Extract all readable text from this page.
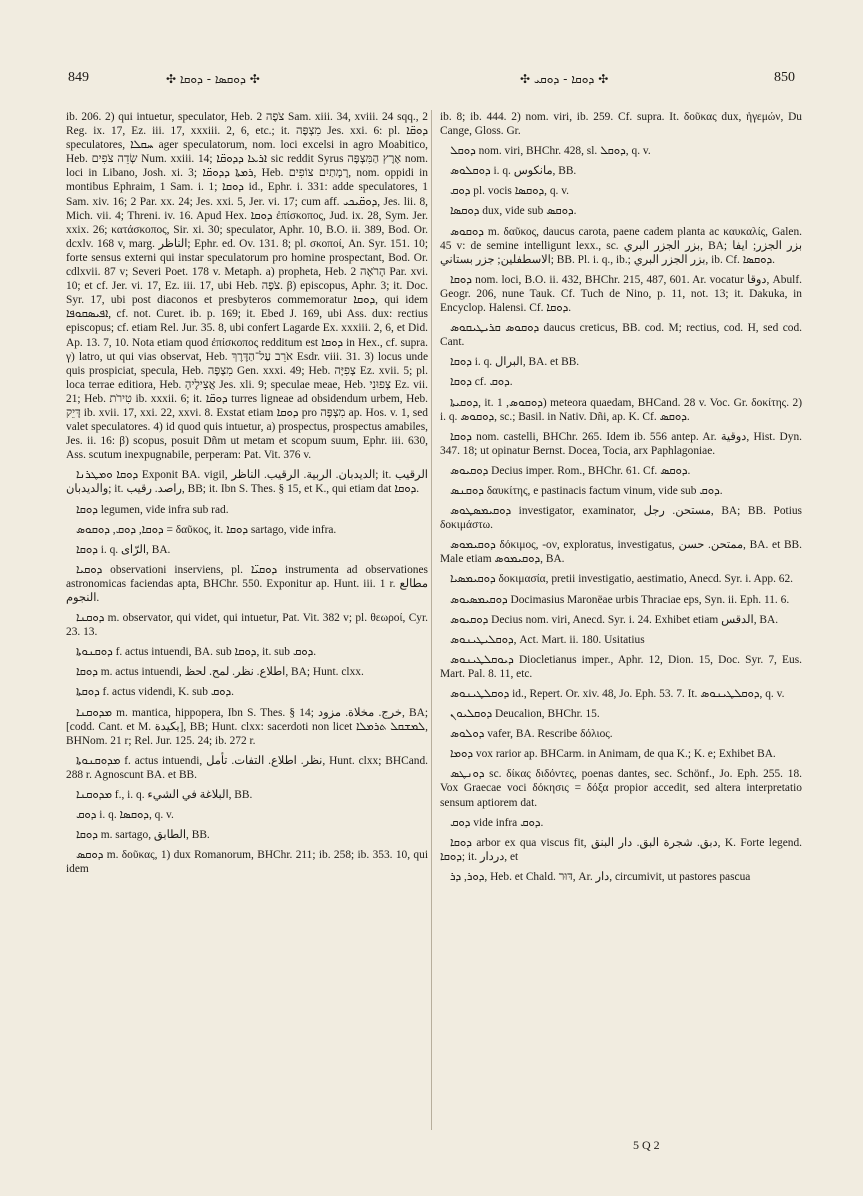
849	✣ ܕܘܩܣܐ - ܕܘܩܐ ✣	✣ ܕܘܩܐ - ܕܘܩܝ ✣	850

ib. 206. 2) qui intuetur, speculator, Heb. צֹפֶה 2 Sam. xiii. 34, xviii. 24 sqq., 2 Reg. ix. 17, Ez. iii. 17, xxxiii. 2, 6, etc.; it. מִצְפֶּה Jes. xxi. 6: pl. ܕܘܩ̈ܐ speculatores, ܚܩܠܐ ager speculatorum, nom. loci excelsi in agro Moabitico, Heb. שְׂדֵה צֹפִים Num. xxiii. 14; ܐܪܥܐ ܕܕܘܩ̈ܐ sic reddit Syrus אֶרֶץ הַמִּצְפָּה nom. loci in Libano, Josh. xi. 3; ܪܡܬܐ ܕܕܘܩ̈ܐ, Heb. רָמָתַיִם צוֹפִים, nom. oppidi in montibus Ephraim, 1 Sam. i. 1; ܕܘܩܐ id., Ephr. i. 331: adde speculatores, 1 Sam. xiv. 16; 2 Par. xx. 24; Jes. xxi. 5, Jer. vi. 17; cum aff. ܕܘܩ̈ܝܟܝ, Jes. lii. 8, Mich. vii. 4; Threni. iv. 16. Apud Hex. ܕܘܩܐ ἐπίσκοπος, Jud. ix. 28, Sym. Jer. xxix. 26; κατάσκοπος, Sir. xi. 30; speculator, Aphr. 10, B.O. ii. 389, Bod. Or. dcxlv. 168 v, marg. الناظر; Ephr. ed. Ov. 131. 8; pl. σκοποί, An. Syr. 151. 10; forte sensus externi qui instar speculatorum pro homine prospectant, Bod. Or. cdlxvii. 87 v; Severi Poet. 178 v. Metaph. a) propheta, Heb. הָרֹאֶה 2 Par. xvi. 10; et cf. Jer. vi. 17, Ez. iii. 17, ubi Heb. צֹפֶה. β) episcopus, Aphr. 3; it. Doc. Syr. 17, ubi post diaconos et presbyteros commemoratur ܕܘܩܐ, qui idem ܐܦܝܣܩܘܦܐ, cf. not. Curet. ib. p. 169; it. Ebed J. 169, ubi Ass. dux: rectius episcopus; cf. etiam Rel. Jur. 35. 8, ubi confert Lagarde Ex. xxxiii. 2, 6, et Did. Ap. 13. 7, 10. Nota etiam quod ἐπίσκοπος redditum est ܕܘܩܐ in Hex., cf. supra. γ) latro, ut qui vias observat, Heb. אֹרֵב עַל־הַדֶּרֶךְ Esdr. viii. 31. 3) locus unde quis prospiciat, specula, Heb. מִצְפָּה Gen. xxxi. 49; Heb. צְפִיָּה Ez. xvii. 5; pl. loca terrae editiora, Heb. אֲצִילֶיהָ Jes. xli. 9; speculae meae, Heb. צְפוּנִי Ez. vii. 21; Heb. טִירֹת ib. xxxii. 6; it. ܕܘܩ̈ܐ turres ligneae ad obsidendum urbem, Heb. דָּיֵק ib. xvii. 17, xxi. 22, xxvi. 8. Exstat etiam ܕܘܩܐ pro מִצְפֶּה ap. Hos. v. 1, sed valet speculatores. 4) id quod quis intuetur, a) prospectus, prospectus amabiles, Jes. ii. 16: β) scopus, posuit Dñm ut metam et scopum suum, Ephr. iii. 630, Ass. scutum inexpugnabile, perperam: Pat. Vit. 376 v.

ܕܘܩܐ ܘܡܛܪܢܐ Exponit BA. vigil, الديدبان. الربية. الرقيب. الناظر; it. الرقيب والديدبان; it. راصد. رقيب, BB; it. Ibn S. Thes. § 15, et K., qui etiam dat ܕܘܩܐ.

ܕܘܩܐ legumen, vide infra sub rad.

ܕܘܩܐ, ܕܘܩ, ܕܘܩܘܣ = δαῦκος, it. ܕܘܩܐ sartago, vide infra.

ܕܘܩܐ i. q. الرّاى, BA.

ܕܘܩܝܐ observationi inserviens, pl. ܕܘܩܝ̈ܐ instrumenta ad observationes astronomicas faciendas apta, BHChr. 550. Exponitur ap. Hunt. iii. 1 r. مطالع النجوم.

ܕܘܩܢܐ m. observator, qui videt, qui intuetur, Pat. Vit. 382 v; pl. θεωροί, Cyr. 23. 13.

ܕܘܩܢܘܬܐ f. actus intuendi, BA. sub ܕܘܩܐ, it. sub ܕܘܩ.

ܕܘܩܐ m. actus intuendi, اطلاع. نظر. لمح. لحظ, BA; Hunt. clxx.

ܕܘܩܬܐ f. actus videndi, K. sub ܕܘܩ.

ܡܕܘܩܢܐ m. mantica, hippopera, Ibn S. Thes. § 14; خرج. مخلاة. مزود, BA; [codd. Cant. et M. بكيدة], BB; Hunt. clxx: sacerdoti non licet ܠܡܫܩܠ ܬܪܡܠܐ, BHNom. 21 r; Rel. Jur. 125. 24; ib. 272 r.

ܡܕܘܩܢܘܬܐ f. actus intuendi, نظر. اطلاع. التفات. تأمل, Hunt. clxx; BHCand. 288 r. Agnoscunt BA. et BB.

ܡܕܘܩܢܐ f., i. q. البلاغة في الشيء, BB.

ܕܘܩ i. q. ܕܘܩܣܐ, q. v.

ܕܘܩܐ m. sartago, الطابق, BB.

ܕܘܩܣ m. δοῦκας, 1) dux Romanorum, BHChr. 211; ib. 258; ib. 353. 10, qui idem

ib. 8; ib. 444. 2) nom. viri, ib. 259. Cf. supra. It. δοῦκας dux, ἡγεμών, Du Cange, Gloss. Gr.

ܕܘܩܠ nom. viri, BHChr. 428, sl. ܕܘܩܠ, q. v.

ܕܘܩܠܘܣ i. q. مانكوس, BB.

ܕܘܩ pl. vocis ܕܘܩܣܐ, q. v.

ܕܘܩܣܐ dux, vide sub ܕܘܩܣ.

ܕܘܩܘܣ m. δαῦκος, daucus carota, paene cadem planta ac καυκαλίς, Galen. 45 v: de semine intelligunt lexx., sc. بزر الجزر البري, BA; بزر الجزر; ايفا الاسطفلين; جزر بستاني; BB. Pl. i. q., ib.; بزر الجزر البري, ib. Cf. ܕܘܩܣܐ.

ܕܘܩܐ nom. loci, B.O. ii. 432, BHChr. 215, 487, 601. Ar. vocatur دوقا, Abulf. Geogr. 206, nune Tauk. Cf. Tuch de Nino, p. 11, not. 13; it. Dakuka, in Encyclop. Halensi. Cf. ܕܘܩܐ.

ܕܘܩܘܣ ܩܪܝܛܝܩܘܣ daucus creticus, BB. cod. M; rectius, cod. H, sed cod. Cant.

ܕܘܩܐ i. q. البرال, BA. et BB.

ܕܘܩܐ cf. ܕܘܩ.

ܕܘܩܝܬܐ, it. ܕܘܩܘܣ, 1) meteora quaedam, BHCand. 28 v. Voc. Gr. δοκίτης. 2) i. q. ܕܘܩܘܣ, sc.; Basil. in Nativ. Dñi, ap. K. Cf. ܕܘܩܣ.

ܕܘܩܐ nom. castelli, BHChr. 265. Idem ib. 556 antep. Ar. دوقية, Hist. Dyn. 347. 18; ut opinatur Bernst. Docea, Tocia, arx Paphlagoniae.

ܕܘܩܝܘܣ Decius imper. Rom., BHChr. 61. Cf. ܕܘܩܣ.

ܕܘܩܢܣ δαυκίτης, e pastinacis factum vinum, vide sub ܕܘܩ.

ܕܘܩܝܡܣܛܘܣ investigator, examinator, مستحن. رجل, BA; BB. Potius δοκιμάστω.

ܕܘܩܝܡܘܣ δόκιμος, -ον, exploratus, investigatus, ممتحن. حسن, BA. et BB. Male etiam ܕܘܩܝܡܘܣ, BA.

ܕܘܩܝܡܣܝܐ δοκιμασία, pretii investigatio, aestimatio, Anecd. Syr. i. App. 62.

ܕܘܩܝܡܣܝܘܣ Docimasius Maronëae urbis Thraciae eps, Syn. ii. Eph. 11. 6.

ܕܘܩܝܘܣ Decius nom. viri, Anecd. Syr. i. 24. Exhibet etiam الدقس, BA.

ܕܘܩܠܝܛܝܢܘܣ, Act. Mart. ii. 180. Usitatius

ܕܝܘܩܠܛܝܢܘܣ Diocletianus imper., Aphr. 12, Dion. 15, Doc. Syr. 7, Eus. Mart. Pal. 8. 11, etc.

ܕܘܩܠܛܝܢܘܣ id., Repert. Or. xiv. 48, Jo. Eph. 53. 7. It. ܕܘܩܠܛܝܢܘܣ, q. v.

ܕܘܩܠܝܘܢ Deucalion, BHChr. 15.

ܕܘܠܘܣ vafer, BA. Rescribe δόλιος.

ܕܘܡܐ vox rarior ap. BHCarm. in Animam, de qua K.; K. e; Exhibet BA.

ܕܘܢܛܣ sc. δίκας διδόντες, poenas dantes, sec. Schönf., Jo. Eph. 255. 18. Vox Graecae voci δόκησις = δόξα propior accedit, sed altera interpretatio sensum aptiorem dat.

ܕܘܩ vide infra ܕܘܩ.

ܕܘܩܐ arbor ex qua viscus fit, دبق. شجرة البق. دار البنق, K. Forte legend. ܕܘܩܐ; it. دردار, et

ܕܘܪ, ܕܪ, Heb. et Chald. דּוּר, Ar. دار, circumivit, ut pastores pascua

5 Q 2
